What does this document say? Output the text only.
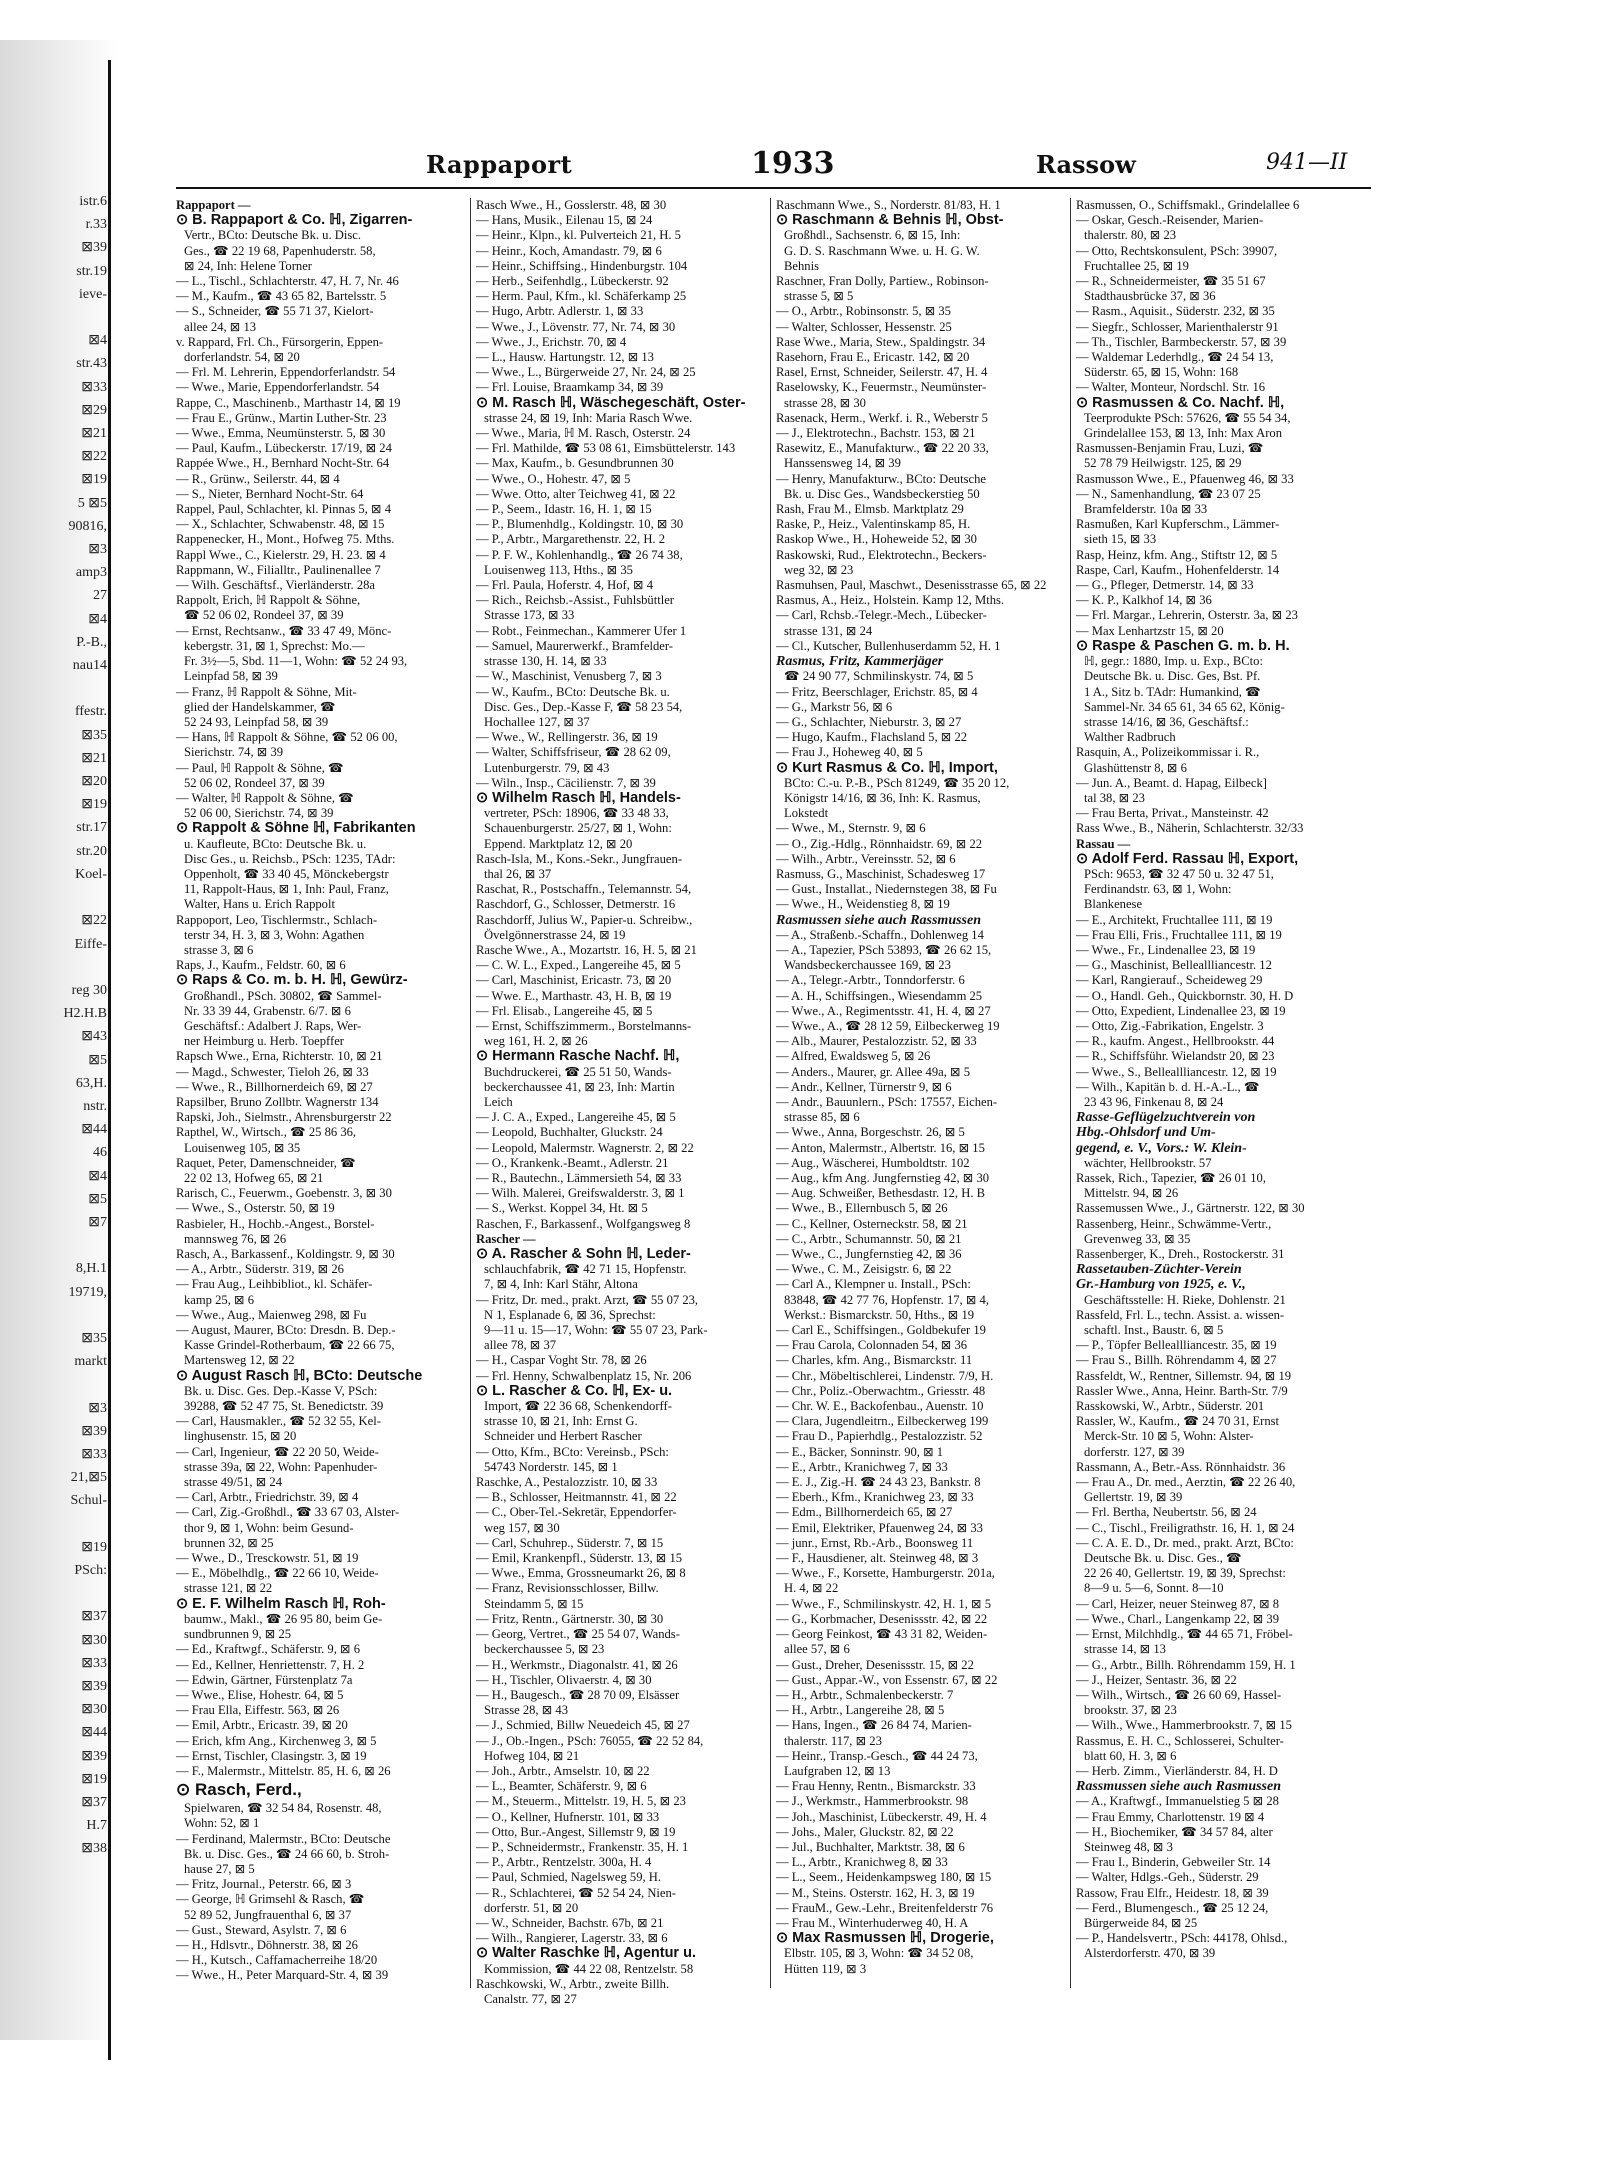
istr.6
r.33
⊠39
str.19
ieve-

⊠4
str.43
⊠33
⊠29
⊠21
⊠22
⊠19
5 ⊠5
90816,
⊠3
amp3
27
⊠4
P.-B.,
nau14

ffestr.
⊠35
⊠21
⊠20
⊠19
str.17
str.20
Koel-

⊠22
Eiffe-

reg 30
H2.H.B
⊠43
⊠5
63,H.
nstr.
⊠44
46
⊠4
⊠5
⊠7

8,H.1
19719,

⊠35
markt

⊠3
⊠39
⊠33
21,⊠5
Schul-

⊠19
PSch:

⊠37
⊠30
⊠33
⊠39
⊠30
⊠44
⊠39
⊠19
⊠37
H.7
⊠38
Rappaport	1933	Rassow	941—II
Rappaport —
⊙ B. Rappaport & Co. ℍ, Zigarren-
Vertr., BCto: Deutsche Bk. u. Disc.
Ges., ☎ 22 19 68, Papenhuderstr. 58,
⊠ 24, Inh: Helene Torner
— L., Tischl., Schlachterstr. 47, H. 7, Nr. 46
— M., Kaufm., ☎ 43 65 82, Bartelsstr. 5
— S., Schneider, ☎ 55 71 37, Kielort-
allee 24, ⊠ 13
v. Rappard, Frl. Ch., Fürsorgerin, Eppen-
dorferlandstr. 54, ⊠ 20
— Frl. M. Lehrerin, Eppendorferlandstr. 54
— Wwe., Marie, Eppendorferlandstr. 54
Rappe, C., Maschinenb., Marthastr 14, ⊠ 19
— Frau E., Grünw., Martin Luther-Str. 23
— Wwe., Emma, Neumünsterstr. 5, ⊠ 30
— Paul, Kaufm., Lübeckerstr. 17/19, ⊠ 24
Rappée Wwe., H., Bernhard Nocht-Str. 64
— R., Grünw., Seilerstr. 44, ⊠ 4
— S., Nieter, Bernhard Nocht-Str. 64
Rappel, Paul, Schlachter, kl. Pinnas 5, ⊠ 4
— X., Schlachter, Schwabenstr. 48, ⊠ 15
Rappenecker, H., Mont., Hofweg 75. Mths.
Rappl Wwe., C., Kielerstr. 29, H. 23. ⊠ 4
Rappmann, W., Filialltr., Paulinenallee 7
— Wilh. Geschäftsf., Vierländerstr. 28a
Rappolt, Erich, ℍ Rappolt & Söhne,
☎ 52 06 02, Rondeel 37, ⊠ 39
— Ernst, Rechtsanw., ☎ 33 47 49, Mönc-
kebergstr. 31, ⊠ 1, Sprechst: Mo.—
Fr. 3½—5, Sbd. 11—1, Wohn: ☎ 52 24 93,
Leinpfad 58, ⊠ 39
— Franz, ℍ Rappolt & Söhne, Mit-
glied der Handelskammer, ☎
52 24 93, Leinpfad 58, ⊠ 39
— Hans, ℍ Rappolt & Söhne, ☎ 52 06 00,
Sierichstr. 74, ⊠ 39
— Paul, ℍ Rappolt & Söhne, ☎
52 06 02, Rondeel 37, ⊠ 39
— Walter, ℍ Rappolt & Söhne, ☎
52 06 00, Sierichstr. 74, ⊠ 39
⊙ Rappolt & Söhne ℍ, Fabrikanten
u. Kaufleute, BCto: Deutsche Bk. u.
Disc Ges., u. Reichsb., PSch: 1235, TAdr:
Oppenholt, ☎ 33 40 45, Mönckebergstr
11, Rappolt-Haus, ⊠ 1, Inh: Paul, Franz,
Walter, Hans u. Erich Rappolt
Rappoport, Leo, Tischlermstr., Schlach-
terstr 34, H. 3, ⊠ 3, Wohn: Agathen
strasse 3, ⊠ 6
Raps, J., Kaufm., Feldstr. 60, ⊠ 6
⊙ Raps & Co. m. b. H. ℍ, Gewürz-
Großhandl., PSch. 30802, ☎ Sammel-
Nr. 33 39 44, Grabenstr. 6/7. ⊠ 6
Geschäftsf.: Adalbert J. Raps, Wer-
ner Heimburg u. Herb. Toepffer
Rapsch Wwe., Erna, Richterstr. 10, ⊠ 21
— Magd., Schwester, Tieloh 26, ⊠ 33
— Wwe., R., Billhornerdeich 69, ⊠ 27
Rapsilber, Bruno Zollbtr. Wagnerstr 134
Rapski, Joh., Sielmstr., Ahrensburgerstr 22
Rapthel, W., Wirtsch., ☎ 25 86 36,
Louisenweg 105, ⊠ 35
Raquet, Peter, Damenschneider, ☎
22 02 13, Hofweg 65, ⊠ 21
Rarisch, C., Feuerwm., Goebenstr. 3, ⊠ 30
— Wwe., S., Osterstr. 50, ⊠ 19
Rasbieler, H., Hochb.-Angest., Borstel-
mannsweg 76, ⊠ 26
Rasch, A., Barkassenf., Koldingstr. 9, ⊠ 30
— A., Arbtr., Süderstr. 319, ⊠ 26
— Frau Aug., Leihbibliot., kl. Schäfer-
kamp 25, ⊠ 6
— Wwe., Aug., Maienweg 298, ⊠ Fu
— August, Maurer, BCto: Dresdn. B. Dep.-
Kasse Grindel-Rotherbaum, ☎ 22 66 75,
Martensweg 12, ⊠ 22
⊙ August Rasch ℍ, BCto: Deutsche
Bk. u. Disc. Ges. Dep.-Kasse V, PSch:
39288, ☎ 52 47 75, St. Benedictstr. 39
— Carl, Hausmakler., ☎ 52 32 55, Kel-
linghusenstr. 15, ⊠ 20
— Carl, Ingenieur, ☎ 22 20 50, Weide-
strasse 39a, ⊠ 22, Wohn: Papenhuder-
strasse 49/51, ⊠ 24
— Carl, Arbtr., Friedrichstr. 39, ⊠ 4
— Carl, Zig.-Großhdl., ☎ 33 67 03, Alster-
thor 9, ⊠ 1, Wohn: beim Gesund-
brunnen 32, ⊠ 25
— Wwe., D., Tresckowstr. 51, ⊠ 19
— E., Möbelhdlg., ☎ 22 66 10, Weide-
strasse 121, ⊠ 22
⊙ E. F. Wilhelm Rasch ℍ, Roh-
baumw., Makl., ☎ 26 95 80, beim Ge-
sundbrunnen 9, ⊠ 25
— Ed., Kraftwgf., Schäferstr. 9, ⊠ 6
— Ed., Kellner, Henriettenstr. 7, H. 2
— Edwin, Gärtner, Fürstenplatz 7a
— Wwe., Elise, Hohestr. 64, ⊠ 5
— Frau Ella, Eiffestr. 563, ⊠ 26
— Emil, Arbtr., Ericastr. 39, ⊠ 20
— Erich, kfm Ang., Kirchenweg 3, ⊠ 5
— Ernst, Tischler, Clasingstr. 3, ⊠ 19
— F., Malermstr., Mittelstr. 85, H. 6, ⊠ 26
⊙ Rasch, Ferd.,
Spielwaren, ☎ 32 54 84, Rosenstr. 48,
Wohn: 52, ⊠ 1
— Ferdinand, Malermstr., BCto: Deutsche
Bk. u. Disc. Ges., ☎ 24 66 60, b. Stroh-
hause 27, ⊠ 5
— Fritz, Journal., Peterstr. 66, ⊠ 3
— George, ℍ Grimsehl & Rasch, ☎
52 89 52, Jungfrauenthal 6, ⊠ 37
— Gust., Steward, Asylstr. 7, ⊠ 6
— H., Hdlsvtr., Döhnerstr. 38, ⊠ 26
— H., Kutsch., Caffamacherreihe 18/20
— Wwe., H., Peter Marquard-Str. 4, ⊠ 39
Rasch Wwe., H., Gosslerstr. 48, ⊠ 30
— Hans, Musik., Eilenau 15, ⊠ 24
— Heinr., Klpn., kl. Pulverteich 21, H. 5
— Heinr., Koch, Amandastr. 79, ⊠ 6
— Heinr., Schiffsing., Hindenburgstr. 104
— Herb., Seifenhdlg., Lübeckerstr. 92
— Herm. Paul, Kfm., kl. Schäferkamp 25
— Hugo, Arbtr. Adlerstr. 1, ⊠ 33
— Wwe., J., Lövenstr. 77, Nr. 74, ⊠ 30
— Wwe., J., Erichstr. 70, ⊠ 4
— L., Hausw. Hartungstr. 12, ⊠ 13
— Wwe., L., Bürgerweide 27, Nr. 24, ⊠ 25
— Frl. Louise, Braamkamp 34, ⊠ 39
⊙ M. Rasch ℍ, Wäschegeschäft, Oster-
strasse 24, ⊠ 19, Inh: Maria Rasch Wwe.
— Wwe., Maria, ℍ M. Rasch, Osterstr. 24
— Frl. Mathilde, ☎ 53 08 61, Eimsbüttelerstr. 143
— Max, Kaufm., b. Gesundbrunnen 30
— Wwe., O., Hohestr. 47, ⊠ 5
— Wwe. Otto, alter Teichweg 41, ⊠ 22
— P., Seem., Idastr. 16, H. 1, ⊠ 15
— P., Blumenhdlg., Koldingstr. 10, ⊠ 30
— P., Arbtr., Margarethenstr. 22, H. 2
— P. F. W., Kohlenhandlg., ☎ 26 74 38,
Louisenweg 113, Hths., ⊠ 35
— Frl. Paula, Hoferstr. 4, Hof, ⊠ 4
— Rich., Reichsb.-Assist., Fuhlsbüttler
Strasse 173, ⊠ 33
— Robt., Feinmechan., Kammerer Ufer 1
— Samuel, Maurerwerkf., Bramfelder-
strasse 130, H. 14, ⊠ 33
— W., Maschinist, Venusberg 7, ⊠ 3
— W., Kaufm., BCto: Deutsche Bk. u.
Disc. Ges., Dep.-Kasse F, ☎ 58 23 54,
Hochallee 127, ⊠ 37
— Wwe., W., Rellingerstr. 36, ⊠ 19
— Walter, Schiffsfriseur, ☎ 28 62 09,
Lutenburgerstr. 79, ⊠ 43
— Wiln., Insp., Cäcilienstr. 7, ⊠ 39
⊙ Wilhelm Rasch ℍ, Handels-
vertreter, PSch: 18906, ☎ 33 48 33,
Schauenburgerstr. 25/27, ⊠ 1, Wohn:
Eppend. Marktplatz 12, ⊠ 20
Rasch-Isla, M., Kons.-Sekr., Jungfrauen-
thal 26, ⊠ 37
Raschat, R., Postschaffn., Telemannstr. 54,
Raschdorf, G., Schlosser, Detmerstr. 16
Raschdorff, Julius W., Papier-u. Schreibw.,
Övelgönnerstrasse 24, ⊠ 19
Rasche Wwe., A., Mozartstr. 16, H. 5, ⊠ 21
— C. W. L., Exped., Langereihe 45, ⊠ 5
— Carl, Maschinist, Ericastr. 73, ⊠ 20
— Wwe. E., Marthastr. 43, H. B, ⊠ 19
— Frl. Elisab., Langereihe 45, ⊠ 5
— Ernst, Schiffszimmerm., Borstelmanns-
weg 161, H. 2, ⊠ 26
⊙ Hermann Rasche Nachf. ℍ,
Buchdruckerei, ☎ 25 51 50, Wands-
beckerchaussee 41, ⊠ 23, Inh: Martin
Leich
— J. C. A., Exped., Langereihe 45, ⊠ 5
— Leopold, Buchhalter, Gluckstr. 24
— Leopold, Malermstr. Wagnerstr. 2, ⊠ 22
— O., Krankenk.-Beamt., Adlerstr. 21
— R., Bautechn., Lämmersieth 54, ⊠ 33
— Wilh. Malerei, Greifswalderstr. 3, ⊠ 1
— S., Werkst. Koppel 34, Ht. ⊠ 5
Raschen, F., Barkassenf., Wolfgangsweg 8
Rascher —
⊙ A. Rascher & Sohn ℍ, Leder-
schlauchfabrik, ☎ 42 71 15, Hopfenstr.
7, ⊠ 4, Inh: Karl Stähr, Altona
— Fritz, Dr. med., prakt. Arzt, ☎ 55 07 23,
N 1, Esplanade 6, ⊠ 36, Sprechst:
9—11 u. 15—17, Wohn: ☎ 55 07 23, Park-
allee 78, ⊠ 37
— H., Caspar Voght Str. 78, ⊠ 26
— Frl. Henny, Schwalbenplatz 15, Nr. 206
⊙ L. Rascher & Co. ℍ, Ex- u.
Import, ☎ 22 36 68, Schenkendorff-
strasse 10, ⊠ 21, Inh: Ernst G.
Schneider und Herbert Rascher
— Otto, Kfm., BCto: Vereinsb., PSch:
54743 Norderstr. 145, ⊠ 1
Raschke, A., Pestalozzistr. 10, ⊠ 33
— B., Schlosser, Heitmannstr. 41, ⊠ 22
— C., Ober-Tel.-Sekretär, Eppendorfer-
weg 157, ⊠ 30
— Carl, Schuhrep., Süderstr. 7, ⊠ 15
— Emil, Krankenpfl., Süderstr. 13, ⊠ 15
— Wwe., Emma, Grossneumarkt 26, ⊠ 8
— Franz, Revisionsschlosser, Billw.
Steindamm 5, ⊠ 15
— Fritz, Rentn., Gärtnerstr. 30, ⊠ 30
— Georg, Vertret., ☎ 25 54 07, Wands-
beckerchaussee 5, ⊠ 23
— H., Werkmstr., Diagonalstr. 41, ⊠ 26
— H., Tischler, Olivaerstr. 4, ⊠ 30
— H., Baugesch., ☎ 28 70 09, Elsässer
Strasse 28, ⊠ 43
— J., Schmied, Billw Neuedeich 45, ⊠ 27
— J., Ob.-Ingen., PSch: 76055, ☎ 22 52 84,
Hofweg 104, ⊠ 21
— Joh., Arbtr., Amselstr. 10, ⊠ 22
— L., Beamter, Schäferstr. 9, ⊠ 6
— M., Steuerm., Mittelstr. 19, H. 5, ⊠ 23
— O., Kellner, Hufnerstr. 101, ⊠ 33
— Otto, Bur.-Angest, Sillemstr 9, ⊠ 19
— P., Schneidermstr., Frankenstr. 35, H. 1
— P., Arbtr., Rentzelstr. 300a, H. 4
— Paul, Schmied, Nagelsweg 59, H.
— R., Schlachterei, ☎ 52 54 24, Nien-
dorferstr. 51, ⊠ 20
— W., Schneider, Bachstr. 67b, ⊠ 21
— Wilh., Rangierer, Lagerstr. 33, ⊠ 6
⊙ Walter Raschke ℍ, Agentur u.
Kommission, ☎ 44 22 08, Rentzelstr. 58
Raschkowski, W., Arbtr., zweite Billh.
Canalstr. 77, ⊠ 27
Raschmann Wwe., S., Norderstr. 81/83, H. 1
⊙ Raschmann & Behnis ℍ, Obst-
Großhdl., Sachsenstr. 6, ⊠ 15, Inh:
G. D. S. Raschmann Wwe. u. H. G. W.
Behnis
Raschner, Fran Dolly, Partiew., Robinson-
strasse 5, ⊠ 5
— O., Arbtr., Robinsonstr. 5, ⊠ 35
— Walter, Schlosser, Hessenstr. 25
Rase Wwe., Maria, Stew., Spaldingstr. 34
Rasehorn, Frau E., Ericastr. 142, ⊠ 20
Rasel, Ernst, Schneider, Seilerstr. 47, H. 4
Raselowsky, K., Feuermstr., Neumünster-
strasse 28, ⊠ 30
Rasenack, Herm., Werkf. i. R., Weberstr 5
— J., Elektrotechn., Bachstr. 153, ⊠ 21
Rasewitz, E., Manufakturw., ☎ 22 20 33,
Hanssensweg 14, ⊠ 39
— Henry, Manufakturw., BCto: Deutsche
Bk. u. Disc Ges., Wandsbeckerstieg 50
Rash, Frau M., Elmsb. Marktplatz 29
Raske, P., Heiz., Valentinskamp 85, H.
Raskop Wwe., H., Hoheweide 52, ⊠ 30
Raskowski, Rud., Elektrotechn., Beckers-
weg 32, ⊠ 23
Rasmuhsen, Paul, Maschwt., Desenisstrasse 65, ⊠ 22
Rasmus, A., Heiz., Holstein. Kamp 12, Mths.
— Carl, Rchsb.-Telegr.-Mech., Lübecker-
strasse 131, ⊠ 24
— Cl., Kutscher, Bullenhuserdamm 52, H. 1
Rasmus, Fritz, Kammerjäger
☎ 24 90 77, Schmilinskystr. 74, ⊠ 5
— Fritz, Beerschlager, Erichstr. 85, ⊠ 4
— G., Markstr 56, ⊠ 6
— G., Schlachter, Nieburstr. 3, ⊠ 27
— Hugo, Kaufm., Flachsland 5, ⊠ 22
— Frau J., Hoheweg 40, ⊠ 5
⊙ Kurt Rasmus & Co. ℍ, Import,
BCto: C.-u. P.-B., PSch 81249, ☎ 35 20 12,
Königstr 14/16, ⊠ 36, Inh: K. Rasmus,
Lokstedt
— Wwe., M., Sternstr. 9, ⊠ 6
— O., Zig.-Hdlg., Rönnhaidstr. 69, ⊠ 22
— Wilh., Arbtr., Vereinsstr. 52, ⊠ 6
Rasmuss, G., Maschinist, Schadesweg 17
— Gust., Installat., Niedernstegen 38, ⊠ Fu
— Wwe., H., Weidenstieg 8, ⊠ 19
Rasmussen siehe auch Rassmussen
— A., Straßenb.-Schaffn., Dohlenweg 14
— A., Tapezier, PSch 53893, ☎ 26 62 15,
Wandsbeckerchaussee 169, ⊠ 23
— A., Telegr.-Arbtr., Tonndorferstr. 6
— A. H., Schiffsingen., Wiesendamm 25
— Wwe., A., Regimentsstr. 41, H. 4, ⊠ 27
— Wwe., A., ☎ 28 12 59, Eilbeckerweg 19
— Alb., Maurer, Pestalozzistr. 52, ⊠ 33
— Alfred, Ewaldsweg 5, ⊠ 26
— Anders., Maurer, gr. Allee 49a, ⊠ 5
— Andr., Kellner, Türnerstr 9, ⊠ 6
— Andr., Bauunlern., PSch: 17557, Eichen-
strasse 85, ⊠ 6
— Wwe., Anna, Borgeschstr. 26, ⊠ 5
— Anton, Malermstr., Albertstr. 16, ⊠ 15
— Aug., Wäscherei, Humboldtstr. 102
— Aug., kfm Ang. Jungfernstieg 42, ⊠ 30
— Aug. Schweißer, Bethesdastr. 12, H. B
— Wwe., B., Ellernbusch 5, ⊠ 26
— C., Kellner, Osterneckstr. 58, ⊠ 21
— C., Arbtr., Schumannstr. 50, ⊠ 21
— Wwe., C., Jungfernstieg 42, ⊠ 36
— Wwe., C. M., Zeisigstr. 6, ⊠ 22
— Carl A., Klempner u. Install., PSch:
83848, ☎ 42 77 76, Hopfenstr. 17, ⊠ 4,
Werkst.: Bismarckstr. 50, Hths., ⊠ 19
— Carl E., Schiffsingen., Goldbekufer 19
— Frau Carola, Colonnaden 54, ⊠ 36
— Charles, kfm. Ang., Bismarckstr. 11
— Chr., Möbeltischlerei, Lindenstr. 7/9, H.
— Chr., Poliz.-Oberwachtm., Griesstr. 48
— Chr. W. E., Backofenbau., Auenstr. 10
— Clara, Jugendleitrn., Eilbeckerweg 199
— Frau D., Papierhdlg., Pestalozzistr. 52
— E., Bäcker, Sonninstr. 90, ⊠ 1
— E., Arbtr., Kranichweg 7, ⊠ 33
— E. J., Zig.-H. ☎ 24 43 23, Bankstr. 8
— Eberh., Kfm., Kranichweg 23, ⊠ 33
— Edm., Billhornerdeich 65, ⊠ 27
— Emil, Elektriker, Pfauenweg 24, ⊠ 33
— junr., Ernst, Rb.-Arb., Boonsweg 11
— F., Hausdiener, alt. Steinweg 48, ⊠ 3
— Wwe., F., Korsette, Hamburgerstr. 201a,
H. 4, ⊠ 22
— Wwe., F., Schmilinskystr. 42, H. 1, ⊠ 5
— G., Korbmacher, Desenissstr. 42, ⊠ 22
— Georg Feinkost, ☎ 43 31 82, Weiden-
allee 57, ⊠ 6
— Gust., Dreher, Desenissstr. 15, ⊠ 22
— Gust., Appar.-W., von Essenstr. 67, ⊠ 22
— H., Arbtr., Schmalenbeckerstr. 7
— H., Arbtr., Langereihe 28, ⊠ 5
— Hans, Ingen., ☎ 26 84 74, Marien-
thalerstr. 117, ⊠ 23
— Heinr., Transp.-Gesch., ☎ 44 24 73,
Laufgraben 12, ⊠ 13
— Frau Henny, Rentn., Bismarckstr. 33
— J., Werkmstr., Hammerbrookstr. 98
— Joh., Maschinist, Lübeckerstr. 49, H. 4
— Johs., Maler, Gluckstr. 82, ⊠ 22
— Jul., Buchhalter, Marktstr. 38, ⊠ 6
— L., Arbtr., Kranichweg 8, ⊠ 33
— L., Seem., Heidenkampsweg 180, ⊠ 15
— M., Steins. Osterstr. 162, H. 3, ⊠ 19
— FrauM., Gew.-Lehr., Breitenfelderstr 76
— Frau M., Winterhuderweg 40, H. A
⊙ Max Rasmussen ℍ, Drogerie,
Elbstr. 105, ⊠ 3, Wohn: ☎ 34 52 08,
Hütten 119, ⊠ 3
Rasmussen, O., Schiffsmakl., Grindelallee 6
— Oskar, Gesch.-Reisender, Marien-
thalerstr. 80, ⊠ 23
— Otto, Rechtskonsulent, PSch: 39907,
Fruchtallee 25, ⊠ 19
— R., Schneidermeister, ☎ 35 51 67
Stadthausbrücke 37, ⊠ 36
— Rasm., Aquisit., Süderstr. 232, ⊠ 35
— Siegfr., Schlosser, Marienthalerstr 91
— Th., Tischler, Barmbeckerstr. 57, ⊠ 39
— Waldemar Lederhdlg., ☎ 24 54 13,
Süderstr. 65, ⊠ 15, Wohn: 168
— Walter, Monteur, Nordschl. Str. 16
⊙ Rasmussen & Co. Nachf. ℍ,
Teerprodukte PSch: 57626, ☎ 55 54 34,
Grindelallee 153, ⊠ 13, Inh: Max Aron
Rasmussen-Benjamin Frau, Luzi, ☎
52 78 79 Heilwigstr. 125, ⊠ 29
Rasmusson Wwe., E., Pfauenweg 46, ⊠ 33
— N., Samenhandlung, ☎ 23 07 25
Bramfelderstr. 10a ⊠ 33
Rasmußen, Karl Kupferschm., Lämmer-
sieth 15, ⊠ 33
Rasp, Heinz, kfm. Ang., Stiftstr 12, ⊠ 5
Raspe, Carl, Kaufm., Hohenfelderstr. 14
— G., Pfleger, Detmerstr. 14, ⊠ 33
— K. P., Kalkhof 14, ⊠ 36
— Frl. Margar., Lehrerin, Osterstr. 3a, ⊠ 23
— Max Lenhartzstr 15, ⊠ 20
⊙ Raspe & Paschen G. m. b. H.
ℍ, gegr.: 1880, Imp. u. Exp., BCto:
Deutsche Bk. u. Disc. Ges, Bst. Pf.
1 A., Sitz b. TAdr: Humankind, ☎
Sammel-Nr. 34 65 61, 34 65 62, König-
strasse 14/16, ⊠ 36, Geschäftsf.:
Walther Radbruch
Rasquin, A., Polizeikommissar i. R.,
Glashüttenstr 8, ⊠ 6
— Jun. A., Beamt. d. Hapag, Eilbeck]
tal 38, ⊠ 23
— Frau Berta, Privat., Mansteinstr. 42
Rass Wwe., B., Näherin, Schlachterstr. 32/33
Rassau —
⊙ Adolf Ferd. Rassau ℍ, Export,
PSch: 9653, ☎ 32 47 50 u. 32 47 51,
Ferdinandstr. 63, ⊠ 1, Wohn:
Blankenese
— E., Architekt, Fruchtallee 111, ⊠ 19
— Frau Elli, Fris., Fruchtallee 111, ⊠ 19
— Wwe., Fr., Lindenallee 23, ⊠ 19
— G., Maschinist, Belleallliancestr. 12
— Karl, Rangierauf., Scheideweg 29
— O., Handl. Geh., Quickbornstr. 30, H. D
— Otto, Expedient, Lindenallee 23, ⊠ 19
— Otto, Zig.-Fabrikation, Engelstr. 3
— R., kaufm. Angest., Hellbrookstr. 44
— R., Schiffsführ. Wielandstr 20, ⊠ 23
— Wwe., S., Belleallliancestr. 12, ⊠ 19
— Wilh., Kapitän b. d. H.-A.-L., ☎
23 43 96, Finkenau 8, ⊠ 24
Rasse-Geflügelzuchtverein von
Hbg.-Ohlsdorf und Um-
gegend, e. V., Vors.: W. Klein-
wächter, Hellbrookstr. 57
Rassek, Rich., Tapezier, ☎ 26 01 10,
Mittelstr. 94, ⊠ 26
Rassemussen Wwe., J., Gärtnerstr. 122, ⊠ 30
Rassenberg, Heinr., Schwämme-Vertr.,
Grevenweg 33, ⊠ 35
Rassenberger, K., Dreh., Rostockerstr. 31
Rassetauben-Züchter-Verein
Gr.-Hamburg von 1925, e. V.,
Geschäftsstelle: H. Rieke, Dohlenstr. 21
Rassfeld, Frl. L., techn. Assist. a. wissen-
schaftl. Inst., Baustr. 6, ⊠ 5
— P., Töpfer Belleallliancestr. 35, ⊠ 19
— Frau S., Billh. Röhrendamm 4, ⊠ 27
Rassfeldt, W., Rentner, Sillemstr. 94, ⊠ 19
Rassler Wwe., Anna, Heinr. Barth-Str. 7/9
Rasskowski, W., Arbtr., Süderstr. 201
Rassler, W., Kaufm., ☎ 24 70 31, Ernst
Merck-Str. 10 ⊠ 5, Wohn: Alster-
dorferstr. 127, ⊠ 39
Rassmann, A., Betr.-Ass. Rönnhaidstr. 36
— Frau A., Dr. med., Aerztin, ☎ 22 26 40,
Gellertstr. 19, ⊠ 39
— Frl. Bertha, Neubertstr. 56, ⊠ 24
— C., Tischl., Freiligrathstr. 16, H. 1, ⊠ 24
— C. A. E. D., Dr. med., prakt. Arzt, BCto:
Deutsche Bk. u. Disc. Ges., ☎
22 26 40, Gellertstr. 19, ⊠ 39, Sprechst:
8—9 u. 5—6, Sonnt. 8—10
— Carl, Heizer, neuer Steinweg 87, ⊠ 8
— Wwe., Charl., Langenkamp 22, ⊠ 39
— Ernst, Milchhdlg., ☎ 44 65 71, Fröbel-
strasse 14, ⊠ 13
— G., Arbtr., Billh. Röhrendamm 159, H. 1
— J., Heizer, Sentastr. 36, ⊠ 22
— Wilh., Wirtsch., ☎ 26 60 69, Hassel-
brookstr. 37, ⊠ 23
— Wilh., Wwe., Hammerbrookstr. 7, ⊠ 15
Rassmus, E. H. C., Schlosserei, Schulter-
blatt 60, H. 3, ⊠ 6
— Herb. Zimm., Vierländerstr. 84, H. D
Rassmussen siehe auch Rasmussen
— A., Kraftwgf., Immanuelstieg 5 ⊠ 28
— Frau Emmy, Charlottenstr. 19 ⊠ 4
— H., Biochemiker, ☎ 34 57 84, alter
Steinweg 48, ⊠ 3
— Frau I., Binderin, Gebweiler Str. 14
— Walter, Hdlgs.-Geh., Süderstr. 29
Rassow, Frau Elfr., Heidestr. 18, ⊠ 39
— Ferd., Blumengesch., ☎ 25 12 24,
Bürgerweide 84, ⊠ 25
— P., Handelsvertr., PSch: 44178, Ohlsd.,
Alsterdorferstr. 470, ⊠ 39
